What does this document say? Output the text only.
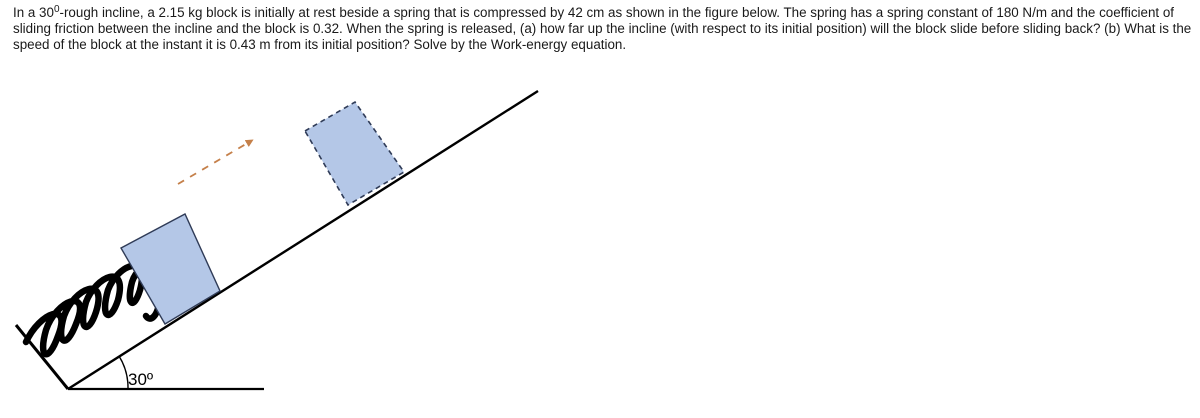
In a $30^0$-rough incline, a 2.15 kg block is initially at rest beside a spring that is compressed by 42 cm as shown in the figure below. The spring has a spring constant of 180 N/m and the coefficient of sliding friction between the incline and the block is 0.32. When the spring is released, (a) how far up the incline (with respect to its initial position) will the block slide before sliding back? (b) What is the speed of the block at the instant it is 0.43 m from its initial position? Solve by the Work-energy equation.

30º
